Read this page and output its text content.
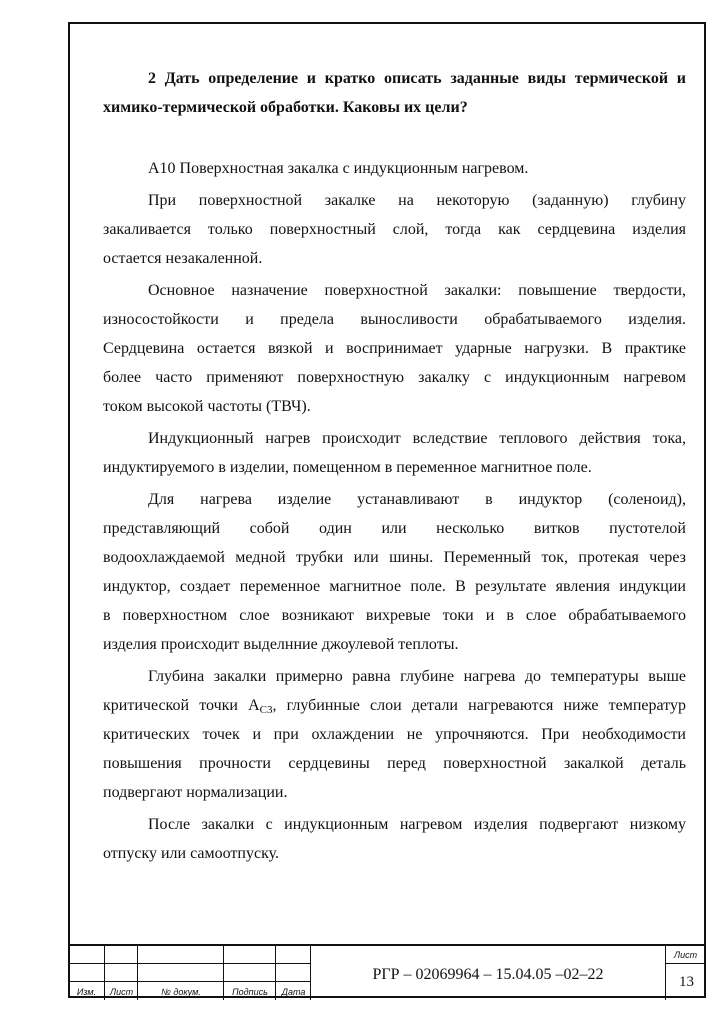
2 Дать определение и кратко описать заданные виды термической и
химико-термической обработки. Каковы их цели?
А10 Поверхностная закалка с индукционным нагревом.
При поверхностной закалке на некоторую (заданную) глубину
закаливается только поверхностный слой, тогда как сердцевина изделия
остается незакаленной.
Основное назначение поверхностной закалки: повышение твердости,
износостойкости и предела выносливости обрабатываемого изделия.
Сердцевина остается вязкой и воспринимает ударные нагрузки. В практике
более часто применяют поверхностную закалку с индукционным нагревом
током высокой частоты (ТВЧ).
Индукционный нагрев происходит вследствие теплового действия тока,
индуктируемого в изделии, помещенном в переменное магнитное поле.
Для нагрева изделие устанавливают в индуктор (соленоид),
представляющий собой один или несколько витков пустотелой
водоохлаждаемой медной трубки или шины. Переменный ток, протекая через
индуктор, создает переменное магнитное поле. В результате явления индукции
в поверхностном слое возникают вихревые токи и в слое обрабатываемого
изделия происходит выделнние джоулевой теплоты.
Глубина закалки примерно равна глубине нагрева до температуры выше
критической точки $А_{C3}$, глубинные слои детали нагреваются ниже температур
критических точек и при охлаждении не упрочняются. При необходимости
повышения прочности сердцевины перед поверхностной закалкой деталь
подвергают нормализации.
После закалки с индукционным нагревом изделия подвергают низкому
отпуску или самоотпуску.
Изм.	Лист	№ докум.	Подпись	Дата
РГР – 02069964 – 15.04.05 –02–22
Лист
13
